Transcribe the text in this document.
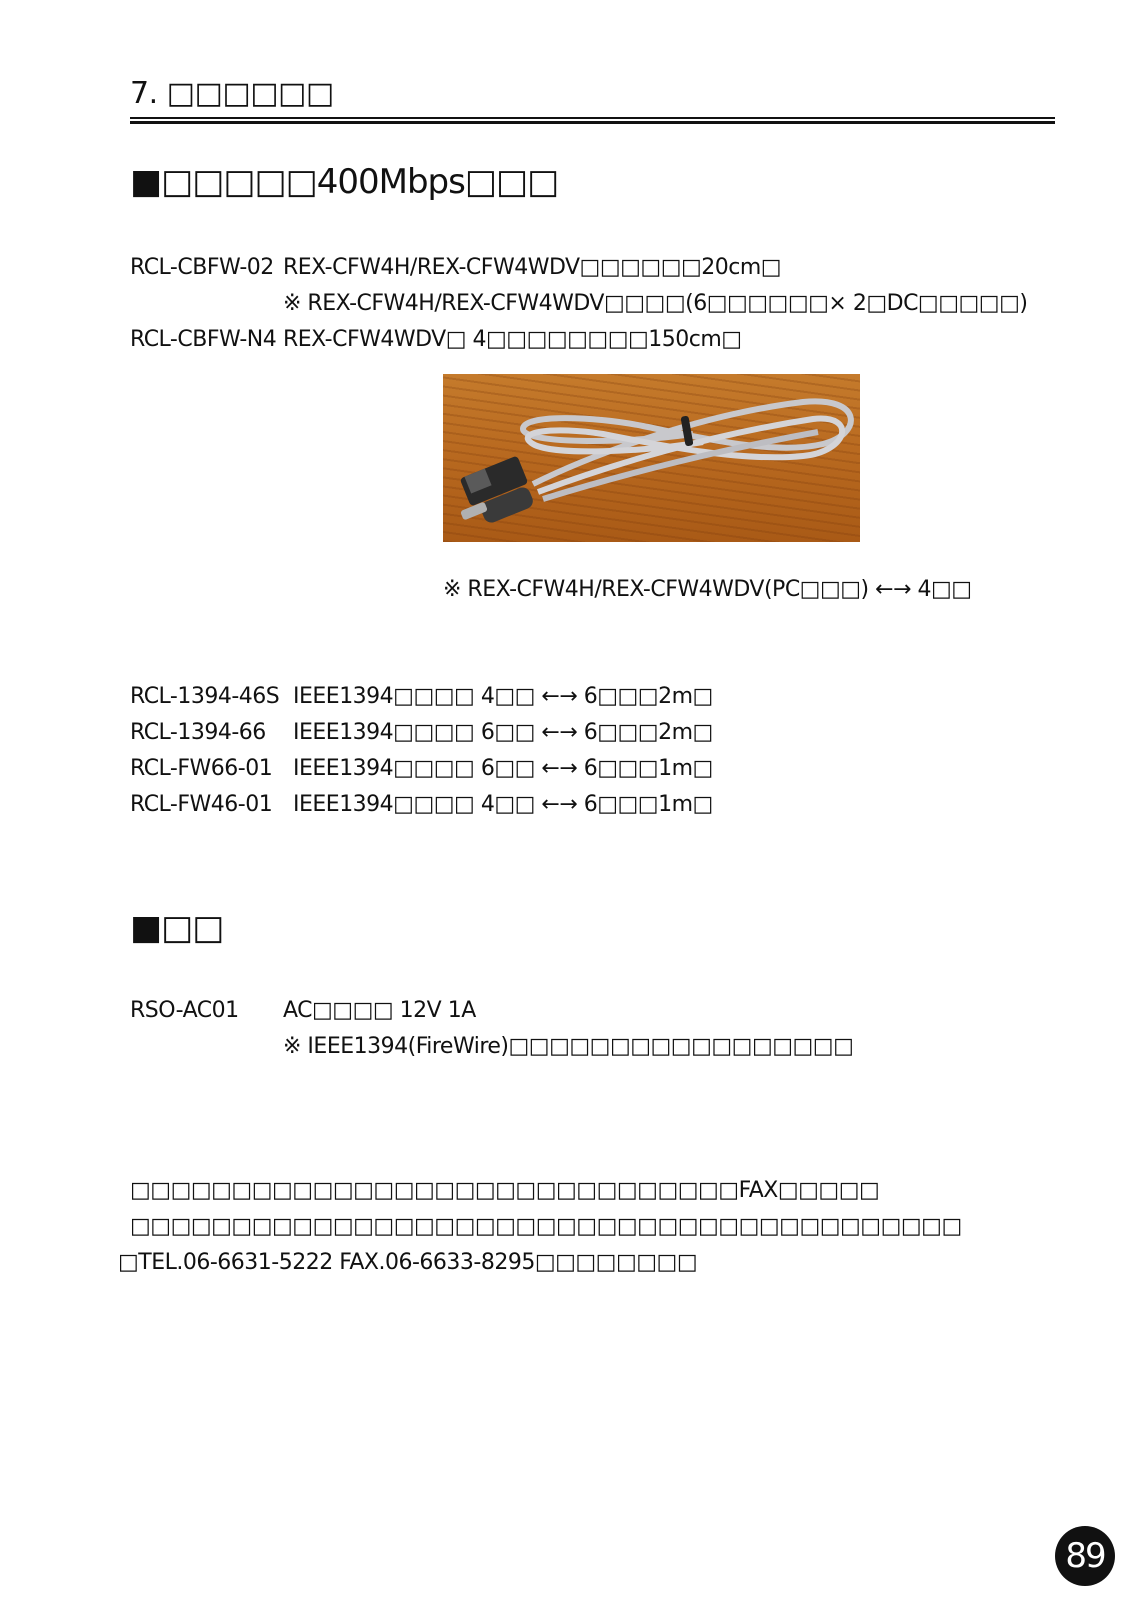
7. □□□□□□
■□□□□□400Mbps□□□
RCL-CBFW-02 REX-CFW4H/REX-CFW4WDV□□□□□□20cm□
※ REX-CFW4H/REX-CFW4WDV□□□□(6□□□□□□× 2□DC□□□□□)
RCL-CBFW-N4 REX-CFW4WDV□ 4□□□□□□□□150cm□
※ REX-CFW4H/REX-CFW4WDV(PC□□□) ←→ 4□□
RCL-1394-46S IEEE1394□□□□ 4□□ ←→ 6□□□2m□
RCL-1394-66 IEEE1394□□□□ 6□□ ←→ 6□□□2m□
RCL-FW66-01 IEEE1394□□□□ 6□□ ←→ 6□□□1m□
RCL-FW46-01 IEEE1394□□□□ 4□□ ←→ 6□□□1m□
■□□
RSO-AC01 AC□□□□ 12V 1A
※ IEEE1394(FireWire)□□□□□□□□□□□□□□□□□
□□□□□□□□□□□□□□□□□□□□□□□□□□□□□□FAX□□□□□
□□□□□□□□□□□□□□□□□□□□□□□□□□□□□□□□□□□□□□□□□
□TEL.06-6631-5222 FAX.06-6633-8295□□□□□□□□
89
